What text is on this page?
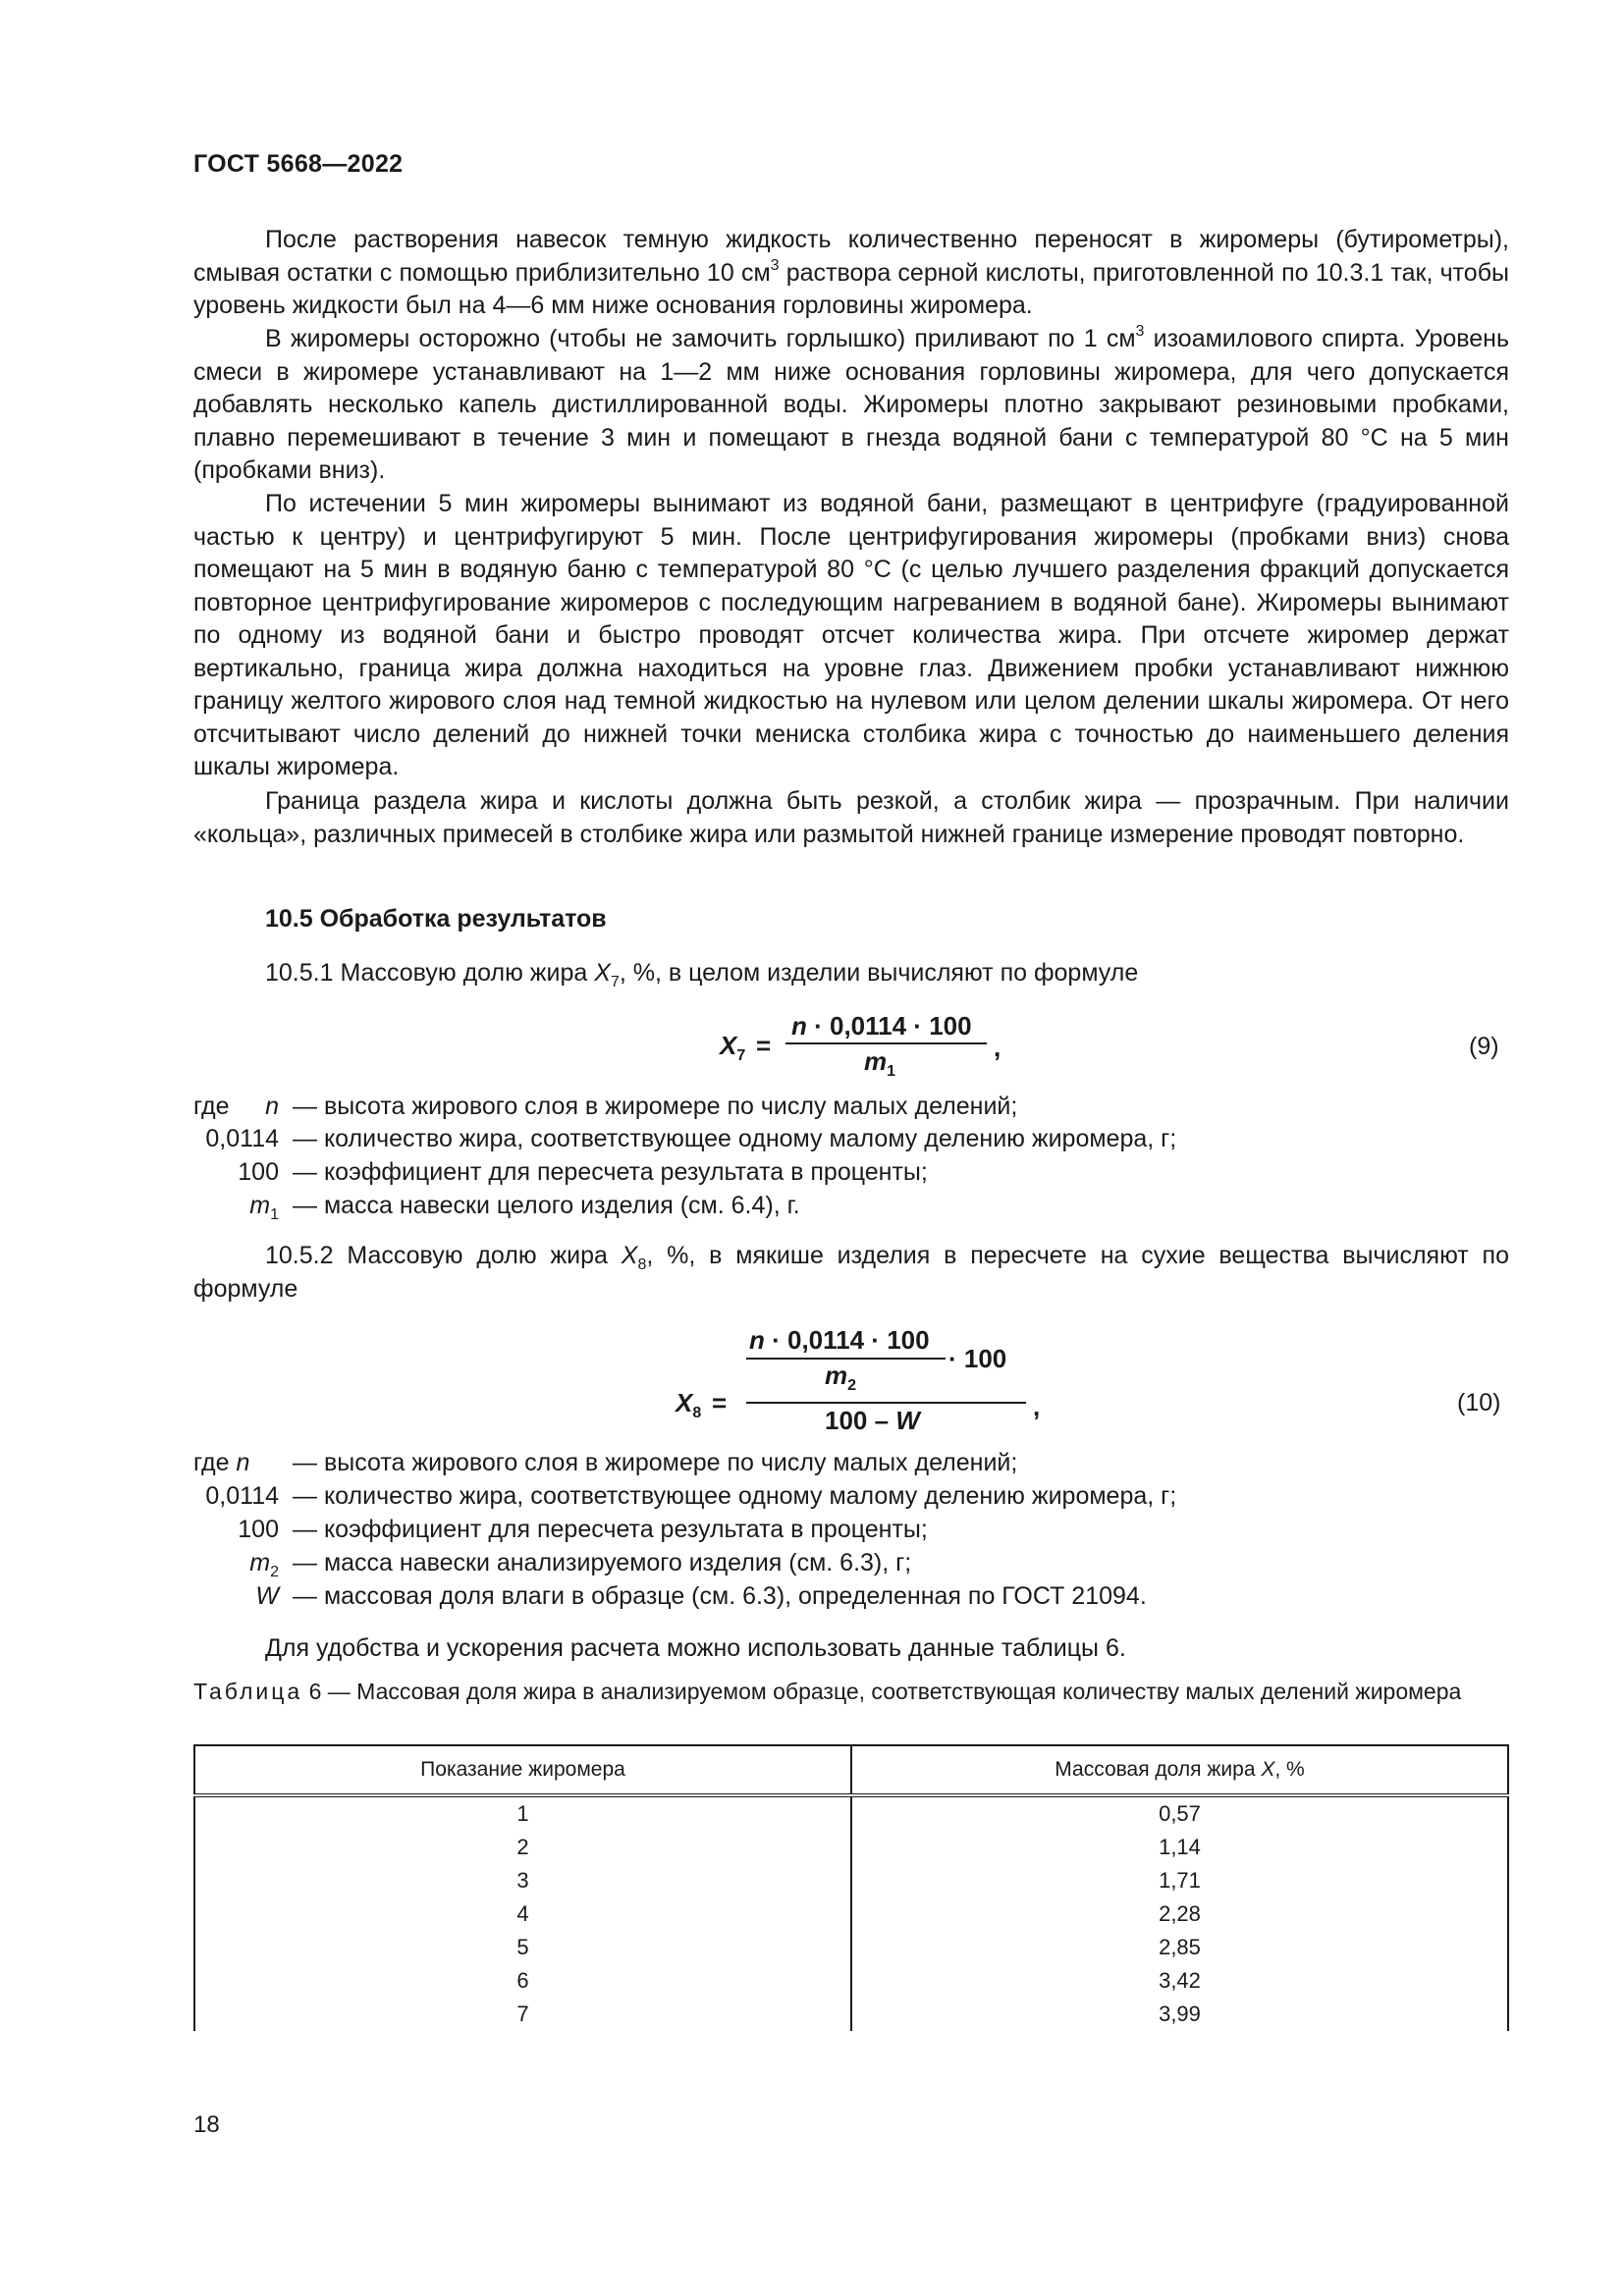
ГОСТ 5668—2022

После растворения навесок темную жидкость количественно переносят в жиромеры (бутирометры), смывая остатки с помощью приблизительно 10 $см^3$ раствора серной кислоты, приготовленной по 10.3.1 так, чтобы уровень жидкости был на 4—6 мм ниже основания горловины жиромера.

В жиромеры осторожно (чтобы не замочить горлышко) приливают по 1 $см^3$ изоамилового спирта. Уровень смеси в жиромере устанавливают на 1—2 мм ниже основания горловины жиромера, для чего допускается добавлять несколько капель дистиллированной воды. Жиромеры плотно закрывают резиновыми пробками, плавно перемешивают в течение 3 мин и помещают в гнезда водяной бани с температурой 80 °С на 5 мин (пробками вниз).

По истечении 5 мин жиромеры вынимают из водяной бани, размещают в центрифуге (градуированной частью к центру) и центрифугируют 5 мин. После центрифугирования жиромеры (пробками вниз) снова помещают на 5 мин в водяную баню с температурой 80 °С (с целью лучшего разделения фракций допускается повторное центрифугирование жиромеров с последующим нагреванием в водяной бане). Жиромеры вынимают по одному из водяной бани и быстро проводят отсчет количества жира. При отсчете жиромер держат вертикально, граница жира должна находиться на уровне глаз. Движением пробки устанавливают нижнюю границу желтого жирового слоя над темной жидкостью на нулевом или целом делении шкалы жиромера. От него отсчитывают число делений до нижней точки мениска столбика жира с точностью до наименьшего деления шкалы жиромера.

Граница раздела жира и кислоты должна быть резкой, а столбик жира — прозрачным. При наличии «кольца», различных примесей в столбике жира или размытой нижней границе измерение проводят повторно.

10.5 Обработка результатов
10.5.1 Массовую долю жира $X_7$, %, в целом изделии вычисляют по формуле
$X_7$ =
n · 0,0114 · 100
$m_1$
,	(9)
где	n — высота жирового слоя в жиромере по числу малых делений;
0,0114 — количество жира, соответствующее одному малому делению жиромера, г;
100 — коэффициент для пересчета результата в проценты;
$m_1$ — масса навески целого изделия (см. 6.4), г.

10.5.2 Массовую долю жира $X_8$, %, в мякише изделия в пересчете на сухие вещества вычисляют по формуле

$X_8$ =
n · 0,0114 · 100
$m_2$
· 100
100 – W	,	(10)
где n — высота жирового слоя в жиромере по числу малых делений;
0,0114 — количество жира, соответствующее одному малому делению жиромера, г;
100 — коэффициент для пересчета результата в проценты;
$m_2$ — масса навески анализируемого изделия (см. 6.3), г;
W — массовая доля влаги в образце (см. 6.3), определенная по ГОСТ 21094.
Для удобства и ускорения расчета можно использовать данные таблицы 6.
Таблица 6 — Массовая доля жира в анализируемом образце, соответствующая количеству малых делений жиромера
Показание жиромера	Массовая доля жира X, %
1	0,57
2	1,14
3	1,71
4	2,28
5	2,85
6	3,42
7	3,99
18
